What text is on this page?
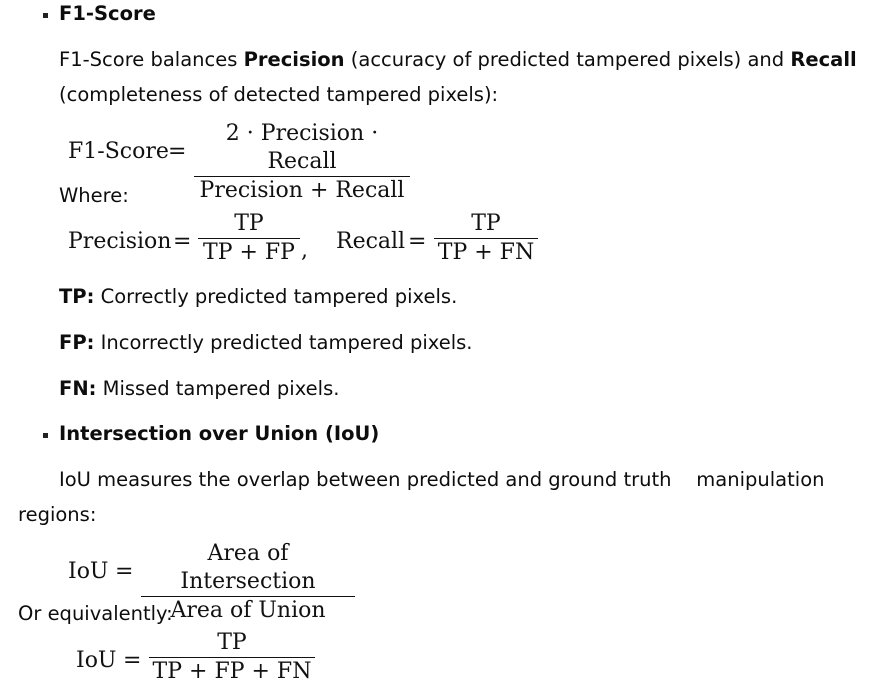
F1-Score
F1-Score balances Precision (accuracy of predicted tampered pixels) and Recall
(completeness of detected tampered pixels):
F1-Score =
2 · Precision · Recall
Precision + Recall
Where:
Precision =
TP
TP + FP , Recall =
TP
TP + FN
TP: Correctly predicted tampered pixels.
FP: Incorrectly predicted tampered pixels.
FN: Missed tampered pixels.
Intersection over Union (IoU)
IoU measures the overlap between predicted and ground truth    manipulation
regions:
IoU =
Area of Intersection
Area of Union
Or equivalently:
IoU =
TP
TP + FP + FN
